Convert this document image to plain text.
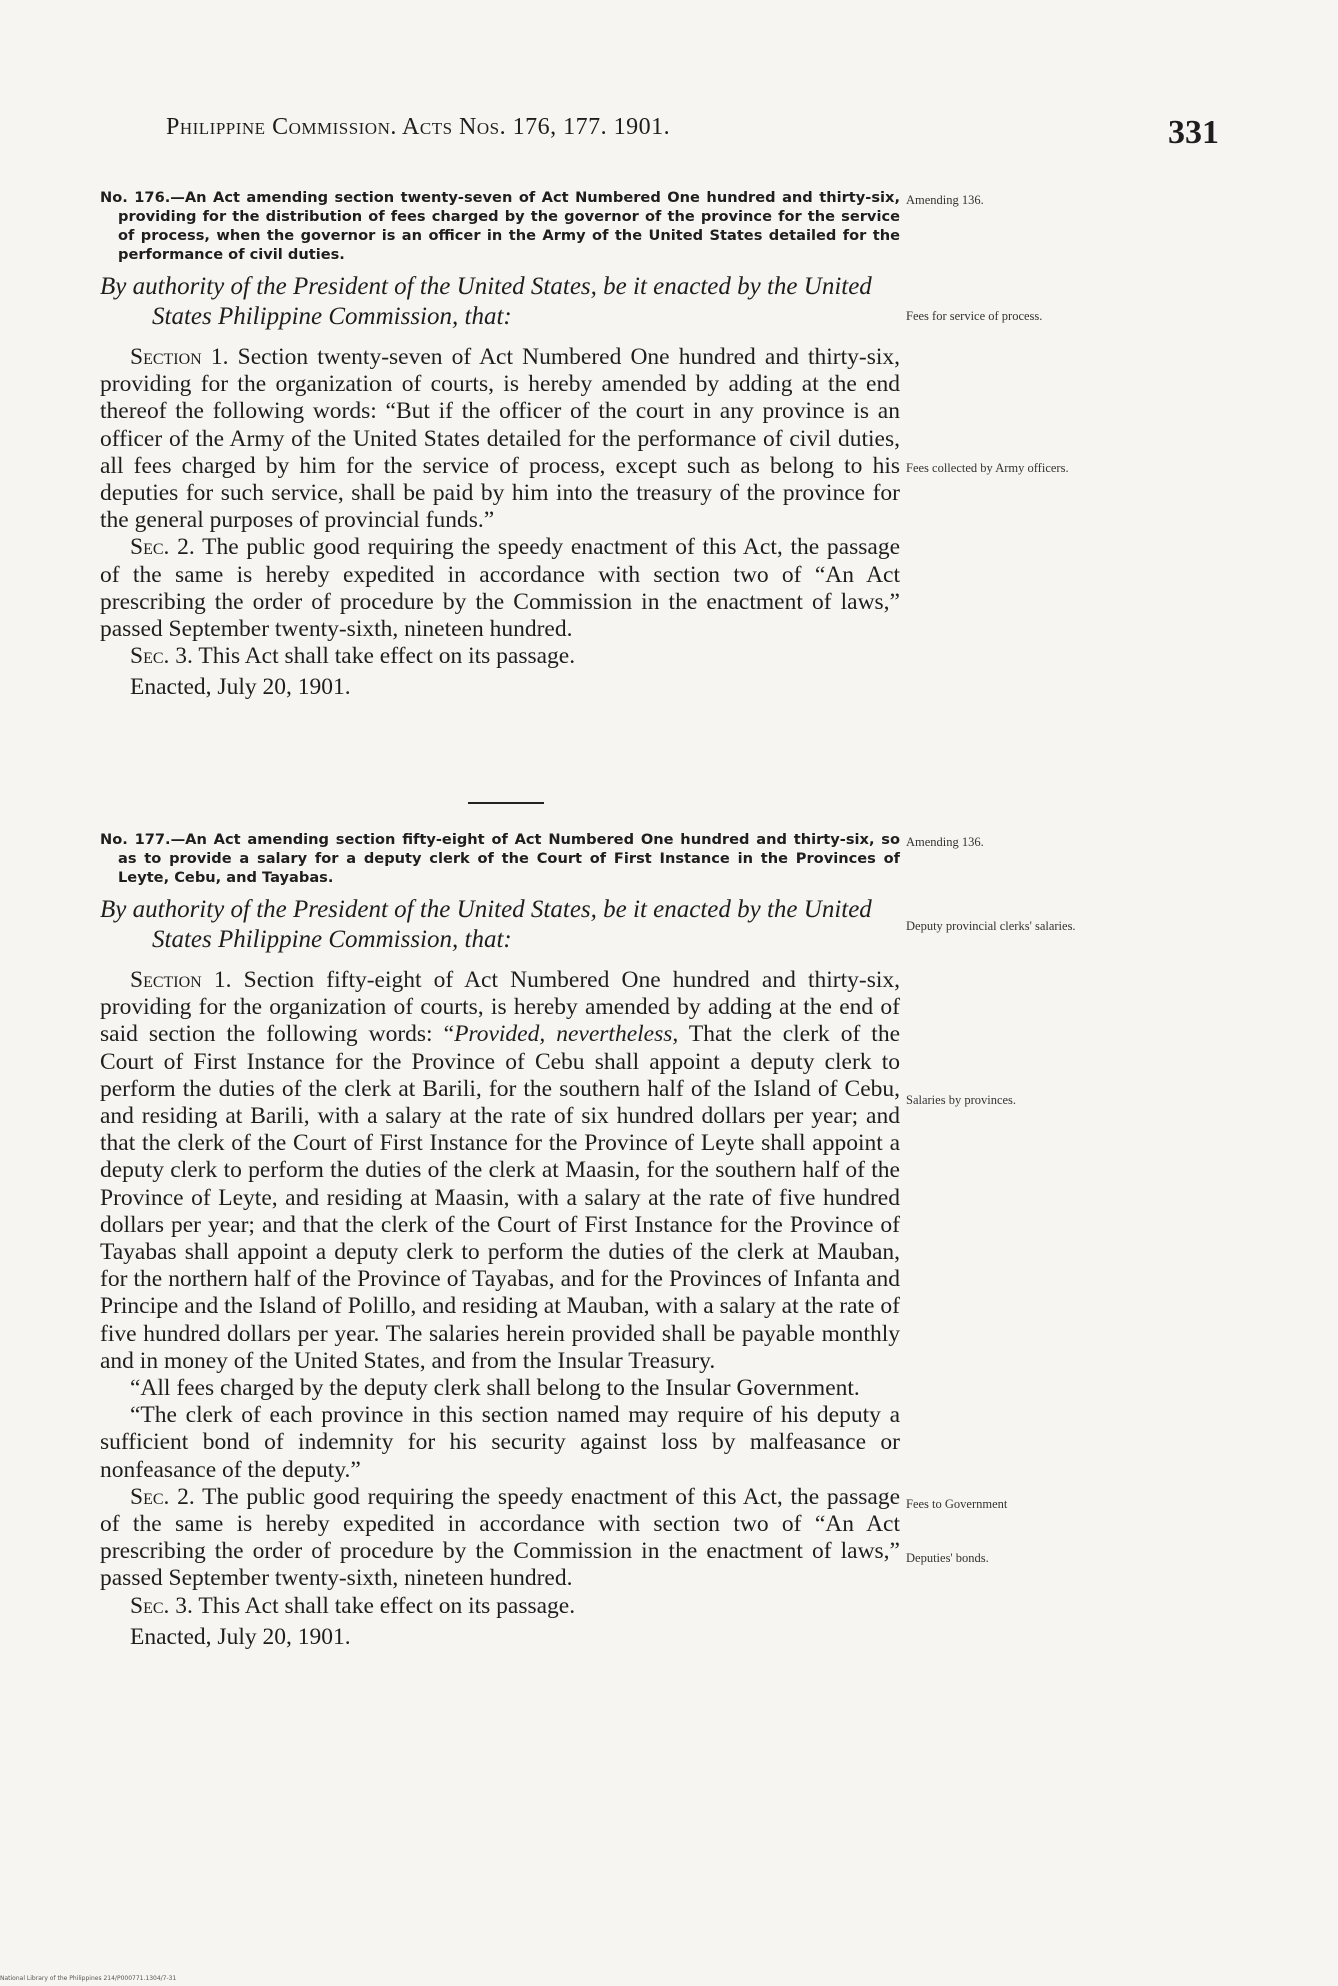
Philippine Commission. Acts Nos. 176, 177. 1901.	331
No. 176.—An Act amending section twenty-seven of Act Numbered One hundred and thirty-six, providing for the distribution of fees charged by the governor of the province for the service of process, when the governor is an officer in the Army of the United States detailed for the performance of civil duties.
By authority of the President of the United States, be it enacted by the United States Philippine Commission, that:

Section 1. Section twenty-seven of Act Numbered One hundred and thirty-six, providing for the organization of courts, is hereby amended by adding at the end thereof the following words: “But if the officer of the court in any province is an officer of the Army of the United States detailed for the performance of civil duties, all fees charged by him for the service of process, except such as belong to his deputies for such service, shall be paid by him into the treasury of the province for the general purposes of provincial funds.”

Sec. 2. The public good requiring the speedy enactment of this Act, the passage of the same is hereby expedited in accordance with section two of “An Act prescribing the order of procedure by the Commission in the enactment of laws,” passed September twenty-sixth, nineteen hundred.

Sec. 3. This Act shall take effect on its passage.

Enacted, July 20, 1901.

No. 177.—An Act amending section fifty-eight of Act Numbered One hundred and thirty-six, so as to provide a salary for a deputy clerk of the Court of First Instance in the Provinces of Leyte, Cebu, and Tayabas.
By authority of the President of the United States, be it enacted by the United States Philippine Commission, that:

Section 1. Section fifty-eight of Act Numbered One hundred and thirty-six, providing for the organization of courts, is hereby amended by adding at the end of said section the following words: “Provided, nevertheless, That the clerk of the Court of First Instance for the Province of Cebu shall appoint a deputy clerk to perform the duties of the clerk at Barili, for the southern half of the Island of Cebu, and residing at Barili, with a salary at the rate of six hundred dollars per year; and that the clerk of the Court of First Instance for the Province of Leyte shall appoint a deputy clerk to perform the duties of the clerk at Maasin, for the southern half of the Province of Leyte, and residing at Maasin, with a salary at the rate of five hundred dollars per year; and that the clerk of the Court of First Instance for the Province of Tayabas shall appoint a deputy clerk to perform the duties of the clerk at Mauban, for the northern half of the Province of Tayabas, and for the Provinces of Infanta and Principe and the Island of Polillo, and residing at Mauban, with a salary at the rate of five hundred dollars per year. The salaries herein provided shall be payable monthly and in money of the United States, and from the Insular Treasury.

“All fees charged by the deputy clerk shall belong to the Insular Government.

“The clerk of each province in this section named may require of his deputy a sufficient bond of indemnity for his security against loss by malfeasance or nonfeasance of the deputy.”

Sec. 2. The public good requiring the speedy enactment of this Act, the passage of the same is hereby expedited in accordance with section two of “An Act prescribing the order of procedure by the Commission in the enactment of laws,” passed September twenty-sixth, nineteen hundred.

Sec. 3. This Act shall take effect on its passage.

Enacted, July 20, 1901.

Amending 136.
Fees for service of process.
Fees collected by Army officers.
Amending 136.
Deputy provincial clerks' salaries.
Salaries by provinces.
Fees to Government
Deputies' bonds.
National Library of the Philippines 214/P000771.1304/7-31
